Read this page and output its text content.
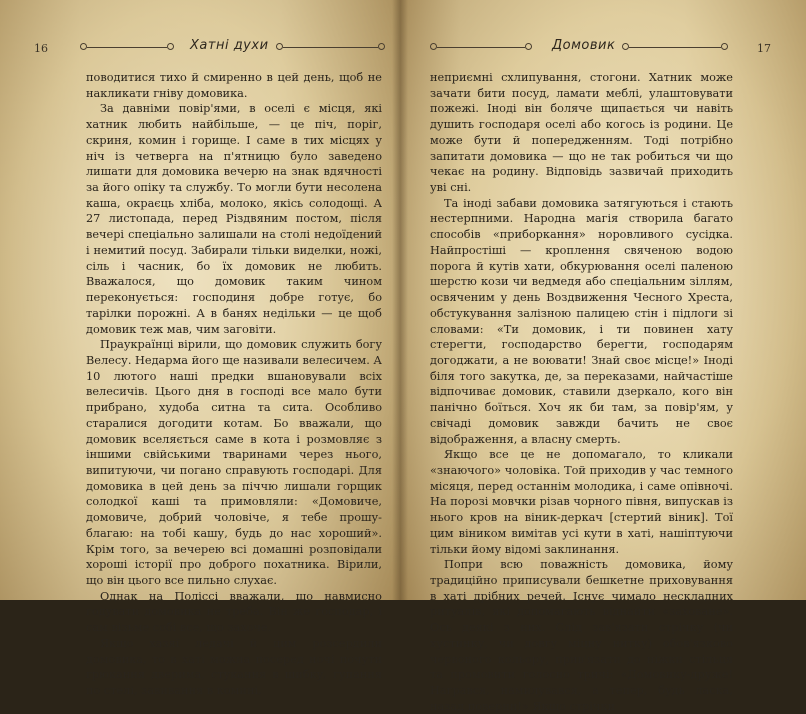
16	Хатні духи

поводитися тихо й смиренно в цей день, щоб не накликати гніву домовика.

За давніми повір'ями, в оселі є місця, які хатник любить найбільше, — це піч, поріг, скриня, комин і горище. І саме в тих місцях у ніч із четверга на п'ятницю було заведено лишати для домовика вечерю на знак вдячності за його опіку та службу. То могли бути несолена каша, окраєць хліба, молоко, якісь солодощі. А 27 листопада, перед Різдвяним постом, після вечері спеціально залишали на столі недоїдений і немитий посуд. Забирали тільки виделки, ножі, сіль і часник, бо їх домовик не любить. Вважалося, що домовик таким чином переконується: господиня добре готує, бо тарілки порожні. А в банях недільки — це щоб домовик теж мав, чим заговіти.

Праукраїнці вірили, що домовик служить богу Велесу. Недарма його ще називали велесичем. А 10 лютого наші предки вшановували всіх велесичів. Цього дня в господі все мало бути прибрано, худоба ситна та сита. Особливо старалися догодити котам. Бо вважали, що домовик вселяється саме в кота і розмовляє з іншими свійськими тваринами через нього, випитуючи, чи погано справують господарі. Для домовика в цей день за піччю лишали горщик солодкої каші та примовляли: «Домовиче, домовиче, добрий чоловіче, я тебе прошу-благаю: на тобі кашу, будь до нас хороший». Крім того, за вечерею всі домашні розповідали хороші історії про доброго похатника. Вірили, що він цього все пильно слухає.

Однак на Поліссі вважали, що навмисно годувати домовика не треба. Він же господар, і сам візьме собі все, що захоче.

Якщо хазяї ледачі й цим розсердили домовика, то в хаті можна посеред ночі почути грюкання дверима, стукання в шибку, гупання по стелі, завивання в комині,

Домовик	17

неприємні схлипування, стогони. Хатник може зачати бити посуд, ламати меблі, улаштовувати пожежі. Іноді він боляче щипається чи навіть душить господаря оселі або когось із родини. Це може бути й попередженням. Тоді потрібно запитати домовика — що не так робиться чи що чекає на родину. Відповідь зазвичай приходить уві сні.

Та іноді забави домовика затягуються і стають нестерпними. Народна магія створила багато способів «приборкання» норовливого сусідка. Найпростіші — кроплення свяченою водою порога й кутів хати, обкурювання оселі паленою шерстю кози чи ведмедя або спеціальним зіллям, освяченим у день Воздвиження Чесного Хреста, обстукування залізною палицею стін і підлоги зі словами: «Ти домовик, і ти повинен хату стерегти, господарство берегти, господарям догоджати, а не воювати! Знай своє місце!» Іноді біля того закутка, де, за переказами, найчастіше відпочиває домовик, ставили дзеркало, кого він панічно боїться. Хоч як би там, за повір'ям, у свічаді домовик завжди бачить не своє відображення, а власну смерть.

Якщо все це не допомагало, то кликали «знаючого» чоловіка. Той приходив у час темного місяця, перед останнім молодика, і саме опівночі. На порозі мовчки різав чорного півня, випускав із нього кров на віник-деркач [стертий віник]. Тої цим віником вимітав усі кути в хаті, нашіптуючи тільки йому відомі заклинання.

Попри всю поважність домовика, йому традиційно приписували бешкетне приховування в хаті дрібних речей. Існує чимало нескладних ритуалів, які допомагають віднайти «заховане». Ось деякі з них. Слід зав'язати стрічку (чи хустинку, чи довгу міцну нитку) обов'язково червоного кольору, прив'язати до ніжки стільця та промовити голосно тричі: «Домовику-друже! Награвся, намилувався, а тепер, будь ласка, назад поверни!» Якщо стрічки
